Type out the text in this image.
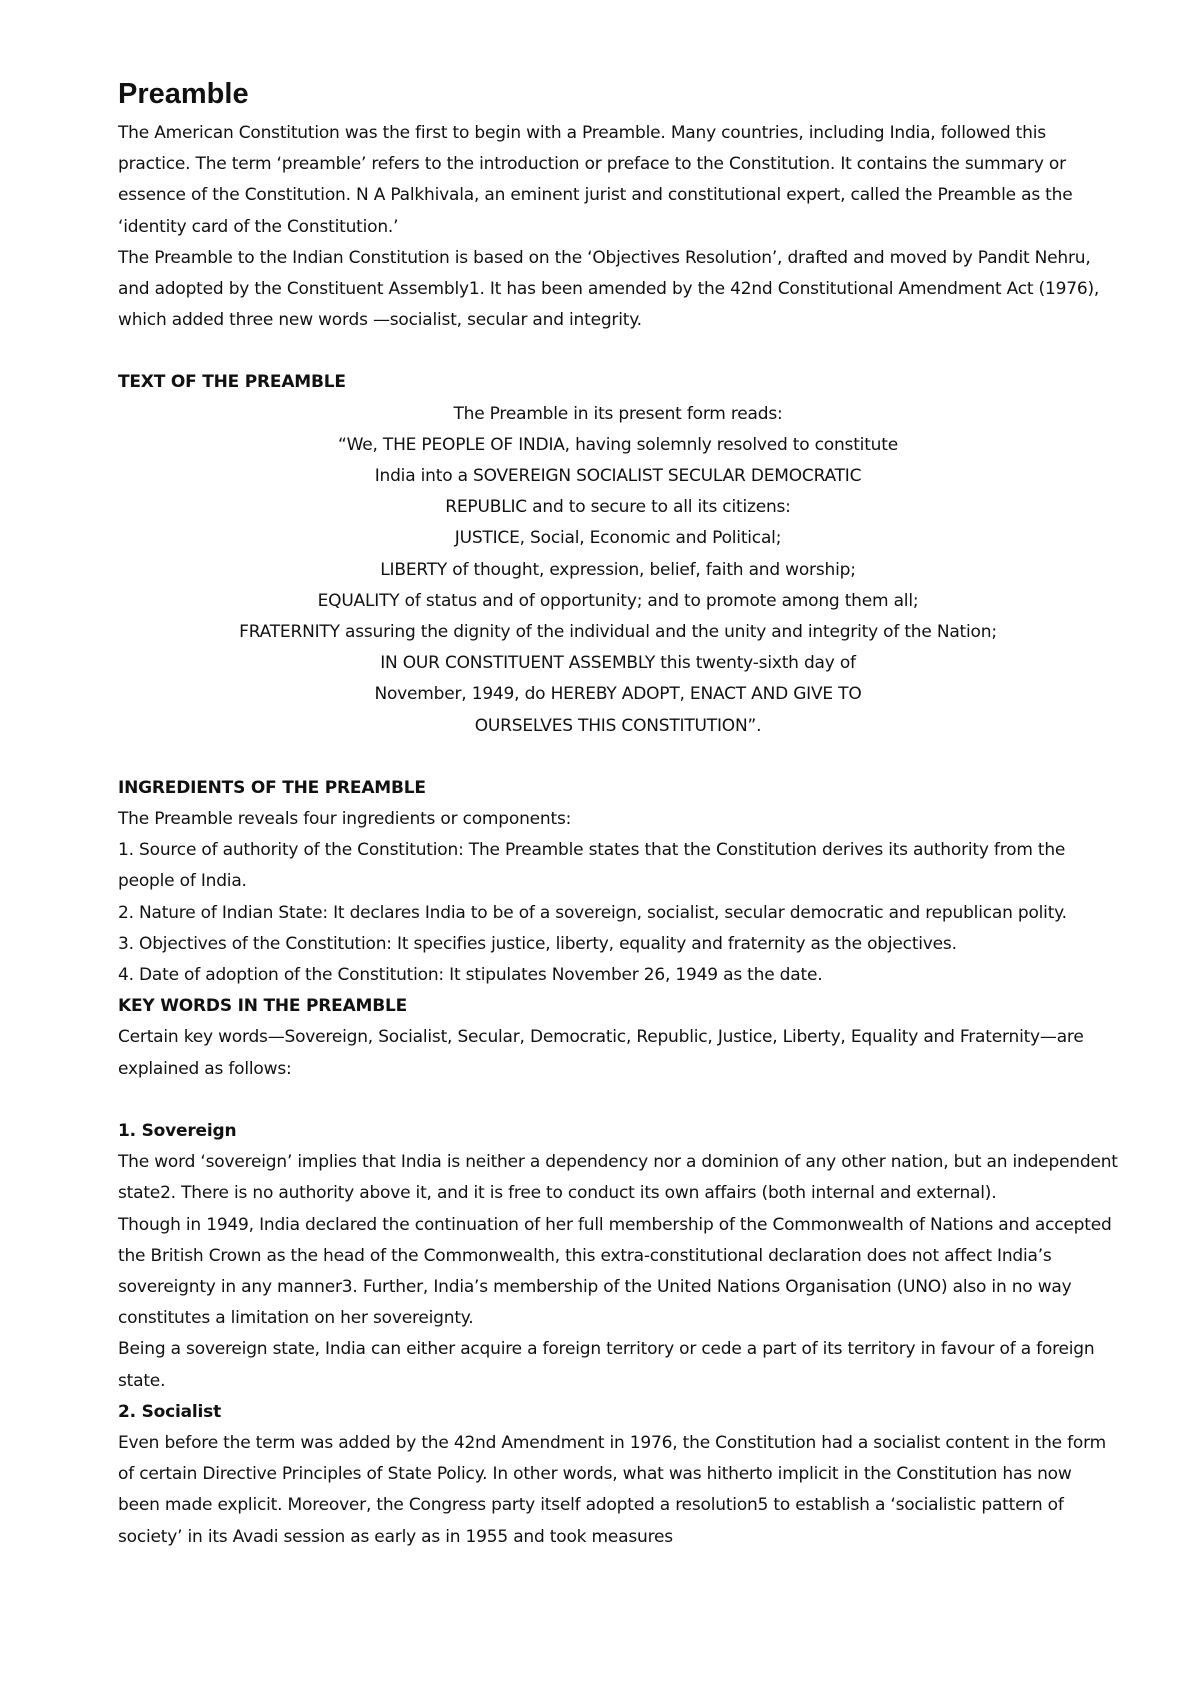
Preamble

The American Constitution was the first to begin with a Preamble. Many countries, including India, followed this practice. The term ‘preamble’ refers to the introduction or preface to the Constitution. It contains the summary or essence of the Constitution. N A Palkhivala, an eminent jurist and constitutional expert, called the Preamble as the ‘identity card of the Constitution.’

The Preamble to the Indian Constitution is based on the ‘Objectives Resolution’, drafted and moved by Pandit Nehru, and adopted by the Constituent Assembly1. It has been amended by the 42nd Constitutional Amendment Act (1976), which added three new words —socialist, secular and integrity.

TEXT OF THE PREAMBLE

The Preamble in its present form reads:

“We, THE PEOPLE OF INDIA, having solemnly resolved to constitute

India into a SOVEREIGN SOCIALIST SECULAR DEMOCRATIC

REPUBLIC and to secure to all its citizens:

JUSTICE, Social, Economic and Political;

LIBERTY of thought, expression, belief, faith and worship;

EQUALITY of status and of opportunity; and to promote among them all;

FRATERNITY assuring the dignity of the individual and the unity and integrity of the Nation;

IN OUR CONSTITUENT ASSEMBLY this twenty-sixth day of

November, 1949, do HEREBY ADOPT, ENACT AND GIVE TO

OURSELVES THIS CONSTITUTION”.

INGREDIENTS OF THE PREAMBLE

The Preamble reveals four ingredients or components:

1. Source of authority of the Constitution: The Preamble states that the Constitution derives its authority from the people of India.

2. Nature of Indian State: It declares India to be of a sovereign, socialist, secular democratic and republican polity.

3. Objectives of the Constitution: It specifies justice, liberty, equality and fraternity as the objectives.

4. Date of adoption of the Constitution: It stipulates November 26, 1949 as the date.

KEY WORDS IN THE PREAMBLE

Certain key words—Sovereign, Socialist, Secular, Democratic, Republic, Justice, Liberty, Equality and Fraternity—are explained as follows:

1. Sovereign

The word ‘sovereign’ implies that India is neither a dependency nor a dominion of any other nation, but an independent state2. There is no authority above it, and it is free to conduct its own affairs (both internal and external).

Though in 1949, India declared the continuation of her full membership of the Commonwealth of Nations and accepted the British Crown as the head of the Commonwealth, this extra-constitutional declaration does not affect India’s sovereignty in any manner3. Further, India’s membership of the United Nations Organisation (UNO) also in no way constitutes a limitation on her sovereignty.

Being a sovereign state, India can either acquire a foreign territory or cede a part of its territory in favour of a foreign state.

2. Socialist

Even before the term was added by the 42nd Amendment in 1976, the Constitution had a socialist content in the form of certain Directive Principles of State Policy. In other words, what was hitherto implicit in the Constitution has now been made explicit. Moreover, the Congress party itself adopted a resolution5 to establish a ‘socialistic pattern of society’ in its Avadi session as early as in 1955 and took measures
